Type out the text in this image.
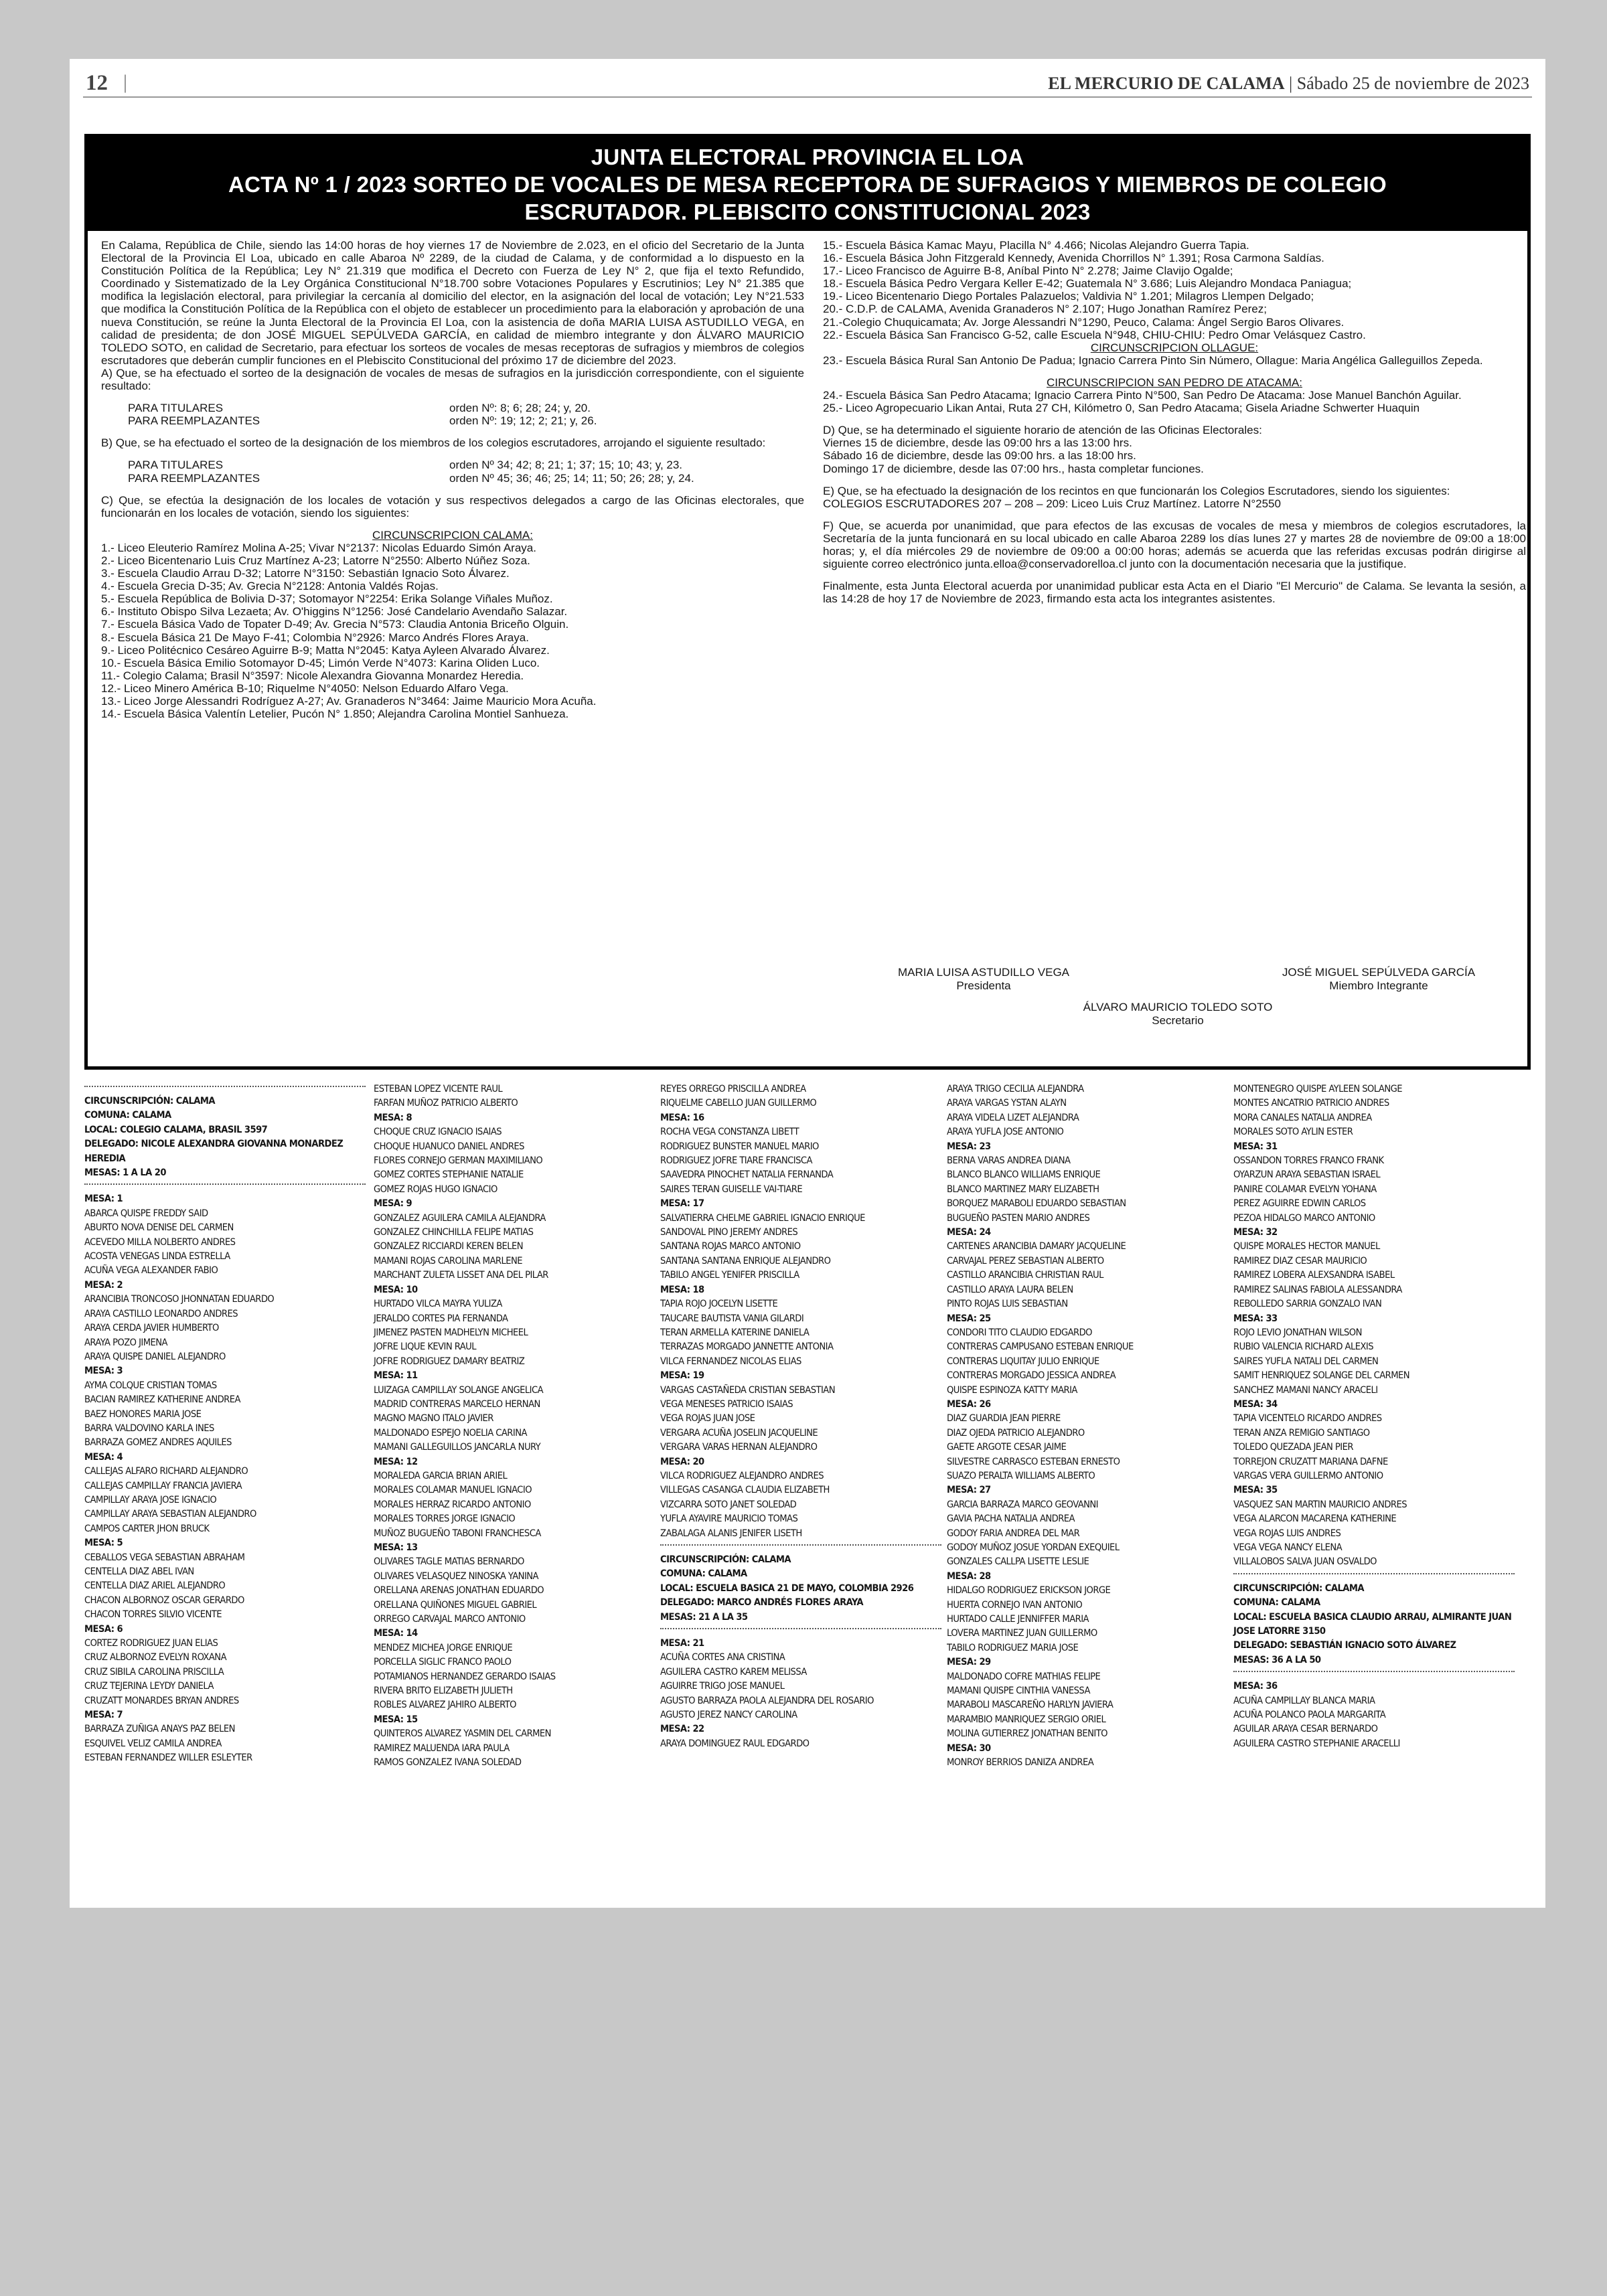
12 |	EL MERCURIO DE CALAMA | Sábado 25 de noviembre de 2023
JUNTA ELECTORAL PROVINCIA EL LOA
ACTA Nº 1 / 2023 SORTEO DE VOCALES DE MESA RECEPTORA DE SUFRAGIOS Y MIEMBROS DE COLEGIO
ESCRUTADOR. PLEBISCITO CONSTITUCIONAL 2023

En Calama, República de Chile, siendo las 14:00 horas de hoy viernes 17 de Noviembre de 2.023, en el oficio del Secretario de la Junta Electoral de la Provincia El Loa, ubicado en calle Abaroa Nº 2289, de la ciudad de Calama, y de conformidad a lo dispuesto en la Constitución Política de la República; Ley N° 21.319 que modifica el Decreto con Fuerza de Ley N° 2, que fija el texto Refundido, Coordinado y Sistematizado de la Ley Orgánica Constitucional N°18.700 sobre Votaciones Populares y Escrutinios; Ley N° 21.385 que modifica la legislación electoral, para privilegiar la cercanía al domicilio del elector, en la asignación del local de votación; Ley N°21.533 que modifica la Constitución Política de la República con el objeto de establecer un procedimiento para la elaboración y aprobación de una nueva Constitución, se reúne la Junta Electoral de la Provincia El Loa, con la asistencia de doña MARIA LUISA ASTUDILLO VEGA, en calidad de presidenta; de don JOSÉ MIGUEL SEPÚLVEDA GARCÍA, en calidad de miembro integrante y don ÁLVARO MAURICIO TOLEDO SOTO, en calidad de Secretario, para efectuar los sorteos de vocales de mesas receptoras de sufragios y miembros de colegios escrutadores que deberán cumplir funciones en el Plebiscito Constitucional del próximo 17 de diciembre del 2023.

A) Que, se ha efectuado el sorteo de la designación de vocales de mesas de sufragios en la jurisdicción correspondiente, con el siguiente resultado:

PARA TITULARES	orden Nº: 8; 6; 28; 24; y, 20.
PARA REEMPLAZANTES	orden Nº: 19; 12; 2; 21; y, 26.

B) Que, se ha efectuado el sorteo de la designación de los miembros de los colegios escrutadores, arrojando el siguiente resultado:

PARA TITULARES	orden Nº 34; 42; 8; 21; 1; 37; 15; 10; 43; y, 23.
PARA REEMPLAZANTES	orden Nº 45; 36; 46; 25; 14; 11; 50; 26; 28; y, 24.

C) Que, se efectúa la designación de los locales de votación y sus respectivos delegados a cargo de las Oficinas electorales, que funcionarán en los locales de votación, siendo los siguientes:

CIRCUNSCRIPCION CALAMA:
1.- Liceo Eleuterio Ramírez Molina A-25; Vivar N°2137: Nicolas Eduardo Simón Araya.
2.- Liceo Bicentenario Luis Cruz Martínez A-23; Latorre N°2550: Alberto Núñez Soza.
3.- Escuela Claudio Arrau D-32; Latorre N°3150: Sebastián Ignacio Soto Álvarez.
4.- Escuela Grecia D-35; Av. Grecia N°2128: Antonia Valdés Rojas.
5.- Escuela República de Bolivia D-37; Sotomayor N°2254: Erika Solange Viñales Muñoz.
6.- Instituto Obispo Silva Lezaeta; Av. O'higgins N°1256: José Candelario Avendaño Salazar.
7.- Escuela Básica Vado de Topater D-49; Av. Grecia N°573: Claudia Antonia Briceño Olguin.
8.- Escuela Básica 21 De Mayo F-41; Colombia N°2926: Marco Andrés Flores Araya.
9.- Liceo Politécnico Cesáreo Aguirre B-9; Matta N°2045: Katya Ayleen Alvarado Álvarez.
10.- Escuela Básica Emilio Sotomayor D-45; Limón Verde N°4073: Karina Oliden Luco.
11.- Colegio Calama; Brasil N°3597: Nicole Alexandra Giovanna Monardez Heredia.
12.- Liceo Minero América B-10; Riquelme N°4050: Nelson Eduardo Alfaro Vega.
13.- Liceo Jorge Alessandri Rodríguez A-27; Av. Granaderos N°3464: Jaime Mauricio Mora Acuña.
14.- Escuela Básica Valentín Letelier, Pucón N° 1.850; Alejandra Carolina Montiel Sanhueza.
15.- Escuela Básica Kamac Mayu, Placilla N° 4.466; Nicolas Alejandro Guerra Tapia.
16.- Escuela Básica John Fitzgerald Kennedy, Avenida Chorrillos N° 1.391; Rosa Carmona Saldías.
17.- Liceo Francisco de Aguirre B-8, Aníbal Pinto N° 2.278; Jaime Clavijo Ogalde;
18.- Escuela Básica Pedro Vergara Keller E-42; Guatemala N° 3.686; Luis Alejandro Mondaca Paniagua;
19.- Liceo Bicentenario Diego Portales Palazuelos; Valdivia N° 1.201; Milagros Llempen Delgado;
20.- C.D.P. de CALAMA, Avenida Granaderos N° 2.107; Hugo Jonathan Ramírez Perez;
21.-Colegio Chuquicamata; Av. Jorge Alessandri N°1290, Peuco, Calama: Ángel Sergio Baros Olivares.
22.- Escuela Básica San Francisco G-52, calle Escuela N°948, CHIU-CHIU: Pedro Omar Velásquez Castro.
CIRCUNSCRIPCION OLLAGUE:

23.- Escuela Básica Rural San Antonio De Padua; Ignacio Carrera Pinto Sin Número, Ollague: Maria Angélica Galleguillos Zepeda.

CIRCUNSCRIPCION SAN PEDRO DE ATACAMA:

24.- Escuela Básica San Pedro Atacama; Ignacio Carrera Pinto N°500, San Pedro De Atacama: Jose Manuel Banchón Aguilar.

25.- Liceo Agropecuario Likan Antai, Ruta 27 CH, Kilómetro 0, San Pedro Atacama; Gisela Ariadne Schwerter Huaquin

D) Que, se ha determinado el siguiente horario de atención de las Oficinas Electorales:

Viernes 15 de diciembre, desde las 09:00 hrs a las 13:00 hrs.

Sábado 16 de diciembre, desde las 09:00 hrs. a las 18:00 hrs.

Domingo 17 de diciembre, desde las 07:00 hrs., hasta completar funciones.

E) Que, se ha efectuado la designación de los recintos en que funcionarán los Colegios Escrutadores, siendo los siguientes:

COLEGIOS ESCRUTADORES 207 – 208 – 209: Liceo Luis Cruz Martínez. Latorre N°2550

F) Que, se acuerda por unanimidad, que para efectos de las excusas de vocales de mesa y miembros de colegios escrutadores, la Secretaría de la junta funcionará en su local ubicado en calle Abaroa 2289 los días lunes 27 y martes 28 de noviembre de 09:00 a 18:00 horas; y, el día miércoles 29 de noviembre de 09:00 a 00:00 horas; además se acuerda que las referidas excusas podrán dirigirse al siguiente correo electrónico junta.elloa@conservadorelloa.cl junto con la documentación necesaria que la justifique.

Finalmente, esta Junta Electoral acuerda por unanimidad publicar esta Acta en el Diario "El Mercurio" de Calama. Se levanta la sesión, a las 14:28 de hoy 17 de Noviembre de 2023, firmando esta acta los integrantes asistentes.

MARIA LUISA ASTUDILLO VEGA
Presidenta
JOSÉ MIGUEL SEPÚLVEDA GARCÍA
Miembro Integrante
ÁLVARO MAURICIO TOLEDO SOTO
Secretario
CIRCUNSCRIPCIÓN: CALAMA
COMUNA: CALAMA
LOCAL: COLEGIO CALAMA, BRASIL 3597
DELEGADO: NICOLE ALEXANDRA GIOVANNA MONARDEZ HEREDIA
MESAS: 1 A LA 20
MESA: 1
ABARCA QUISPE FREDDY SAID
ABURTO NOVA DENISE DEL CARMEN
ACEVEDO MILLA NOLBERTO ANDRES
ACOSTA VENEGAS LINDA ESTRELLA
ACUÑA VEGA ALEXANDER FABIO
MESA: 2
ARANCIBIA TRONCOSO JHONNATAN EDUARDO
ARAYA CASTILLO LEONARDO ANDRES
ARAYA CERDA JAVIER HUMBERTO
ARAYA POZO JIMENA
ARAYA QUISPE DANIEL ALEJANDRO
MESA: 3
AYMA COLQUE CRISTIAN TOMAS
BACIAN RAMIREZ KATHERINE ANDREA
BAEZ HONORES MARIA JOSE
BARRA VALDOVINO KARLA INES
BARRAZA GOMEZ ANDRES AQUILES
MESA: 4
CALLEJAS ALFARO RICHARD ALEJANDRO
CALLEJAS CAMPILLAY FRANCIA JAVIERA
CAMPILLAY ARAYA JOSE IGNACIO
CAMPILLAY ARAYA SEBASTIAN ALEJANDRO
CAMPOS CARTER JHON BRUCK
MESA: 5
CEBALLOS VEGA SEBASTIAN ABRAHAM
CENTELLA DIAZ ABEL IVAN
CENTELLA DIAZ ARIEL ALEJANDRO
CHACON ALBORNOZ OSCAR GERARDO
CHACON TORRES SILVIO VICENTE
MESA: 6
CORTEZ RODRIGUEZ JUAN ELIAS
CRUZ ALBORNOZ EVELYN ROXANA
CRUZ SIBILA CAROLINA PRISCILLA
CRUZ TEJERINA LEYDY DANIELA
CRUZATT MONARDES BRYAN ANDRES
MESA: 7
BARRAZA ZUÑIGA ANAYS PAZ BELEN
ESQUIVEL VELIZ CAMILA ANDREA
ESTEBAN FERNANDEZ WILLER ESLEYTER
ESTEBAN LOPEZ VICENTE RAUL
FARFAN MUÑOZ PATRICIO ALBERTO
MESA: 8
CHOQUE CRUZ IGNACIO ISAIAS
CHOQUE HUANUCO DANIEL ANDRES
FLORES CORNEJO GERMAN MAXIMILIANO
GOMEZ CORTES STEPHANIE NATALIE
GOMEZ ROJAS HUGO IGNACIO
MESA: 9
GONZALEZ AGUILERA CAMILA ALEJANDRA
GONZALEZ CHINCHILLA FELIPE MATIAS
GONZALEZ RICCIARDI KEREN BELEN
MAMANI ROJAS CAROLINA MARLENE
MARCHANT ZULETA LISSET ANA DEL PILAR
MESA: 10
HURTADO VILCA MAYRA YULIZA
JERALDO CORTES PIA FERNANDA
JIMENEZ PASTEN MADHELYN MICHEEL
JOFRE LIQUE KEVIN RAUL
JOFRE RODRIGUEZ DAMARY BEATRIZ
MESA: 11
LUIZAGA CAMPILLAY SOLANGE ANGELICA
MADRID CONTRERAS MARCELO HERNAN
MAGNO MAGNO ITALO JAVIER
MALDONADO ESPEJO NOELIA CARINA
MAMANI GALLEGUILLOS JANCARLA NURY
MESA: 12
MORALEDA GARCIA BRIAN ARIEL
MORALES COLAMAR MANUEL IGNACIO
MORALES HERRAZ RICARDO ANTONIO
MORALES TORRES JORGE IGNACIO
MUÑOZ BUGUEÑO TABONI FRANCHESCA
MESA: 13
OLIVARES TAGLE MATIAS BERNARDO
OLIVARES VELASQUEZ NINOSKA YANINA
ORELLANA ARENAS JONATHAN EDUARDO
ORELLANA QUIÑONES MIGUEL GABRIEL
ORREGO CARVAJAL MARCO ANTONIO
MESA: 14
MENDEZ MICHEA JORGE ENRIQUE
PORCELLA SIGLIC FRANCO PAOLO
POTAMIANOS HERNANDEZ GERARDO ISAIAS
RIVERA BRITO ELIZABETH JULIETH
ROBLES ALVAREZ JAHIRO ALBERTO
MESA: 15
QUINTEROS ALVAREZ YASMIN DEL CARMEN
RAMIREZ MALUENDA IARA PAULA
RAMOS GONZALEZ IVANA SOLEDAD
REYES ORREGO PRISCILLA ANDREA
RIQUELME CABELLO JUAN GUILLERMO
MESA: 16
ROCHA VEGA CONSTANZA LIBETT
RODRIGUEZ BUNSTER MANUEL MARIO
RODRIGUEZ JOFRE TIARE FRANCISCA
SAAVEDRA PINOCHET NATALIA FERNANDA
SAIRES TERAN GUISELLE VAI-TIARE
MESA: 17
SALVATIERRA CHELME GABRIEL IGNACIO ENRIQUE
SANDOVAL PINO JEREMY ANDRES
SANTANA ROJAS MARCO ANTONIO
SANTANA SANTANA ENRIQUE ALEJANDRO
TABILO ANGEL YENIFER PRISCILLA
MESA: 18
TAPIA ROJO JOCELYN LISETTE
TAUCARE BAUTISTA VANIA GILARDI
TERAN ARMELLA KATERINE DANIELA
TERRAZAS MORGADO JANNETTE ANTONIA
VILCA FERNANDEZ NICOLAS ELIAS
MESA: 19
VARGAS CASTAÑEDA CRISTIAN SEBASTIAN
VEGA MENESES PATRICIO ISAIAS
VEGA ROJAS JUAN JOSE
VERGARA ACUÑA JOSELIN JACQUELINE
VERGARA VARAS HERNAN ALEJANDRO
MESA: 20
VILCA RODRIGUEZ ALEJANDRO ANDRES
VILLEGAS CASANGA CLAUDIA ELIZABETH
VIZCARRA SOTO JANET SOLEDAD
YUFLA AYAVIRE MAURICIO TOMAS
ZABALAGA ALANIS JENIFER LISETH
CIRCUNSCRIPCIÓN: CALAMA
COMUNA: CALAMA
LOCAL: ESCUELA BASICA 21 DE MAYO, COLOMBIA 2926
DELEGADO: MARCO ANDRÉS FLORES ARAYA
MESAS: 21 A LA 35
MESA: 21
ACUÑA CORTES ANA CRISTINA
AGUILERA CASTRO KAREM MELISSA
AGUIRRE TRIGO JOSE MANUEL
AGUSTO BARRAZA PAOLA ALEJANDRA DEL ROSARIO
AGUSTO JEREZ NANCY CAROLINA
MESA: 22
ARAYA DOMINGUEZ RAUL EDGARDO
ARAYA TRIGO CECILIA ALEJANDRA
ARAYA VARGAS YSTAN ALAYN
ARAYA VIDELA LIZET ALEJANDRA
ARAYA YUFLA JOSE ANTONIO
MESA: 23
BERNA VARAS ANDREA DIANA
BLANCO BLANCO WILLIAMS ENRIQUE
BLANCO MARTINEZ MARY ELIZABETH
BORQUEZ MARABOLI EDUARDO SEBASTIAN
BUGUEÑO PASTEN MARIO ANDRES
MESA: 24
CARTENES ARANCIBIA DAMARY JACQUELINE
CARVAJAL PEREZ SEBASTIAN ALBERTO
CASTILLO ARANCIBIA CHRISTIAN RAUL
CASTILLO ARAYA LAURA BELEN
PINTO ROJAS LUIS SEBASTIAN
MESA: 25
CONDORI TITO CLAUDIO EDGARDO
CONTRERAS CAMPUSANO ESTEBAN ENRIQUE
CONTRERAS LIQUITAY JULIO ENRIQUE
CONTRERAS MORGADO JESSICA ANDREA
QUISPE ESPINOZA KATTY MARIA
MESA: 26
DIAZ GUARDIA JEAN PIERRE
DIAZ OJEDA PATRICIO ALEJANDRO
GAETE ARGOTE CESAR JAIME
SILVESTRE CARRASCO ESTEBAN ERNESTO
SUAZO PERALTA WILLIAMS ALBERTO
MESA: 27
GARCIA BARRAZA MARCO GEOVANNI
GAVIA PACHA NATALIA ANDREA
GODOY FARIA ANDREA DEL MAR
GODOY MUÑOZ JOSUE YORDAN EXEQUIEL
GONZALES CALLPA LISETTE LESLIE
MESA: 28
HIDALGO RODRIGUEZ ERICKSON JORGE
HUERTA CORNEJO IVAN ANTONIO
HURTADO CALLE JENNIFFER MARIA
LOVERA MARTINEZ JUAN GUILLERMO
TABILO RODRIGUEZ MARIA JOSE
MESA: 29
MALDONADO COFRE MATHIAS FELIPE
MAMANI QUISPE CINTHIA VANESSA
MARABOLI MASCAREÑO HARLYN JAVIERA
MARAMBIO MANRIQUEZ SERGIO ORIEL
MOLINA GUTIERREZ JONATHAN BENITO
MESA: 30
MONROY BERRIOS DANIZA ANDREA
MONTENEGRO QUISPE AYLEEN SOLANGE
MONTES ANCATRIO PATRICIO ANDRES
MORA CANALES NATALIA ANDREA
MORALES SOTO AYLIN ESTER
MESA: 31
OSSANDON TORRES FRANCO FRANK
OYARZUN ARAYA SEBASTIAN ISRAEL
PANIRE COLAMAR EVELYN YOHANA
PEREZ AGUIRRE EDWIN CARLOS
PEZOA HIDALGO MARCO ANTONIO
MESA: 32
QUISPE MORALES HECTOR MANUEL
RAMIREZ DIAZ CESAR MAURICIO
RAMIREZ LOBERA ALEXSANDRA ISABEL
RAMIREZ SALINAS FABIOLA ALESSANDRA
REBOLLEDO SARRIA GONZALO IVAN
MESA: 33
ROJO LEVIO JONATHAN WILSON
RUBIO VALENCIA RICHARD ALEXIS
SAIRES YUFLA NATALI DEL CARMEN
SAMIT HENRIQUEZ SOLANGE DEL CARMEN
SANCHEZ MAMANI NANCY ARACELI
MESA: 34
TAPIA VICENTELO RICARDO ANDRES
TERAN ANZA REMIGIO SANTIAGO
TOLEDO QUEZADA JEAN PIER
TORREJON CRUZATT MARIANA DAFNE
VARGAS VERA GUILLERMO ANTONIO
MESA: 35
VASQUEZ SAN MARTIN MAURICIO ANDRES
VEGA ALARCON MACARENA KATHERINE
VEGA ROJAS LUIS ANDRES
VEGA VEGA NANCY ELENA
VILLALOBOS SALVA JUAN OSVALDO
CIRCUNSCRIPCIÓN: CALAMA
COMUNA: CALAMA
LOCAL: ESCUELA BASICA CLAUDIO ARRAU, ALMIRANTE JUAN JOSE LATORRE 3150
DELEGADO: SEBASTIÁN IGNACIO SOTO ÁLVAREZ
MESAS: 36 A LA 50
MESA: 36
ACUÑA CAMPILLAY BLANCA MARIA
ACUÑA POLANCO PAOLA MARGARITA
AGUILAR ARAYA CESAR BERNARDO
AGUILERA CASTRO STEPHANIE ARACELLI
